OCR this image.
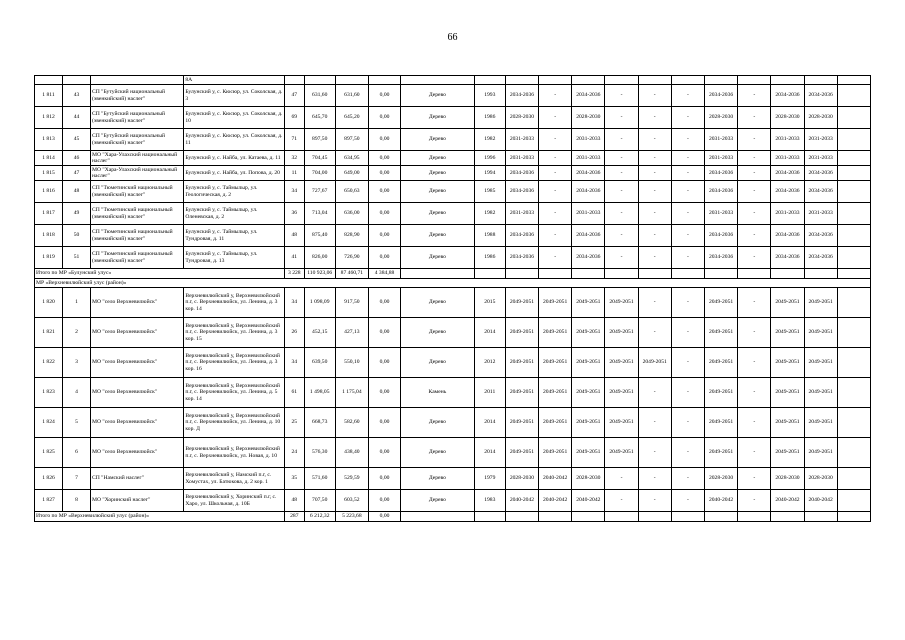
66
			8А																	
1 811	43	СП "Бутуйский национальный (эвенкийский) наслег"	Булунский у, с. Кюсюр, ул. Соколская, д. 3	47	631,60	631,60	0,00	Дерево	1993	2034-2036	-	2034-2036	-	-	-	2034-2036	-	2034-2036	2034-2036	
1 812	44	СП "Бутуйский национальный (эвенкийский) наслег"	Булунский у, с. Кюсюр, ул. Соколская, д. 10	69	645,70	645,20	0,00	Дерево	1986	2028-2030	-	2028-2030	-	-	-	2028-2030	-	2028-2030	2028-2030	
1 813	45	СП "Бутуйский национальный (эвенкийский) наслег"	Булунский у, с. Кюсюр, ул. Соколская, д. 11	71	897,50	897,50	0,00	Дерево	1982	2031-2033	-	2031-2033	-	-	-	2031-2033	-	2031-2033	2031-2033	
1 814	46	МО "Хара-Улахский национальный наслег"	Булунский у, с. Найба, ул. Катаева, д. 11	32	704,45	634,95	0,00	Дерево	1996	2031-2033	-	2031-2033	-	-	-	2031-2033	-	2031-2033	2031-2033	
1 815	47	МО "Хара-Улахский национальный наслег"	Булунский у, с. Найба, ул. Попова, д. 20	11	704,00	649,00	0,00	Дерево	1994	2034-2036	-	2034-2036	-	-	-	2034-2036	-	2034-2036	2034-2036	
1 816	48	СП "Тюметинский национальный (эвенкийский) наслег"	Булунский у, с. Таймылыр, ул. Геологическая, д. 2	34	727,67	650,63	0,00	Дерево	1985	2034-2036	-	2034-2036	-	-	-	2034-2036	-	2034-2036	2034-2036	
1 817	49	СП "Тюметинский национальный (эвенкийский) наслег"	Булунский у, с. Таймылыр, ул. Оленевская, д. 2	36	713,04	636,00	0,00	Дерево	1982	2031-2033	-	2031-2033	-	-	-	2031-2033	-	2031-2033	2031-2033	
1 818	50	СП "Тюметинский национальный (эвенкийский) наслег"	Булунский у, с. Таймылыр, ул. Тундровая, д. 11	48	875,40	828,90	0,00	Дерево	1988	2034-2036	-	2034-2036	-	-	-	2034-2036	-	2034-2036	2034-2036	
1 819	51	СП "Тюметинский национальный (эвенкийский) наслег"	Булунский у, с. Таймылыр, ул. Тундровая, д. 13	41	826,00	726,90	0,00	Дерево	1986	2034-2036	-	2034-2036	-	-	-	2034-2036	-	2034-2036	2034-2036	
Итого по МР «Булунский улус»				3 228	110 923,06	87 460,71	4 384,88													
МР «Верхневилюйский улус (район)»																				
1 820	1	МО "село Верхневилюйск"	Верхневилюйский у, Верхневилюйский п.г, с. Верхневилюйск, ул. Ленина, д. 3 кор. 14	34	1 098,09	917,50	0,00	Дерево	2015	2049-2051	2049-2051	2049-2051	2049-2051	-	-	2049-2051	-	2049-2051	2049-2051	
1 821	2	МО "село Верхневилюйск"	Верхневилюйский у, Верхневилюйский п.г, с. Верхневилюйск, ул. Ленина, д. 3 кор. 15	26	452,15	427,13	0,00	Дерево	2014	2049-2051	2049-2051	2049-2051	2049-2051	-	-	2049-2051	-	2049-2051	2049-2051	
1 822	3	МО "село Верхневилюйск"	Верхневилюйский у, Верхневилюйский п.г, с. Верхневилюйск, ул. Ленина, д. 3 кор. 16	34	639,50	550,10	0,00	Дерево	2012	2049-2051	2049-2051	2049-2051	2049-2051	2049-2051	-	2049-2051	-	2049-2051	2049-2051	
1 823	4	МО "село Верхневилюйск"	Верхневилюйский у, Верхневилюйский п.г, с. Верхневилюйск, ул. Ленина, д. 5 кор. 14	61	1 498,05	1 175,04	0,00	Камень	2011	2049-2051	2049-2051	2049-2051	2049-2051	-	-	2049-2051	-	2049-2051	2049-2051	
1 824	5	МО "село Верхневилюйск"	Верхневилюйский у, Верхневилюйский п.г, с. Верхневилюйск, ул. Ленина, д. 10 кор. Д	25	668,73	582,60	0,00	Дерево	2014	2049-2051	2049-2051	2049-2051	2049-2051	-	-	2049-2051	-	2049-2051	2049-2051	
1 825	6	МО "село Верхневилюйск"	Верхневилюйский у, Верхневилюйский п.г, с. Верхневилюйск, ул. Новая, д. 10	24	576,30	438,40	0,00	Дерево	2014	2049-2051	2049-2051	2049-2051	2049-2051	-	-	2049-2051	-	2049-2051	2049-2051	
1 826	7	СП "Намский наслег"	Верхневилюйский у, Намский п.г, с. Хомустах, ул. Батюкова, д. 2 кор. 1	35	571,60	529,59	0,00	Дерево	1979	2028-2030	2040-2042	2028-2030	-	-	-	2028-2030	-	2028-2030	2028-2030	
1 827	8	МО "Хоринский наслег"	Верхневилюйский у, Хоринский п.г, с. Харо, ул. Школьная, д. 10Б	48	707,50	603,52	0,00	Дерево	1983	2040-2042	2040-2042	2040-2042	-	-	-	2040-2042	-	2040-2042	2040-2042	
Итого по МР «Верхневилюйский улус (район)»				287	6 212,32	5 223,68	0,00													
